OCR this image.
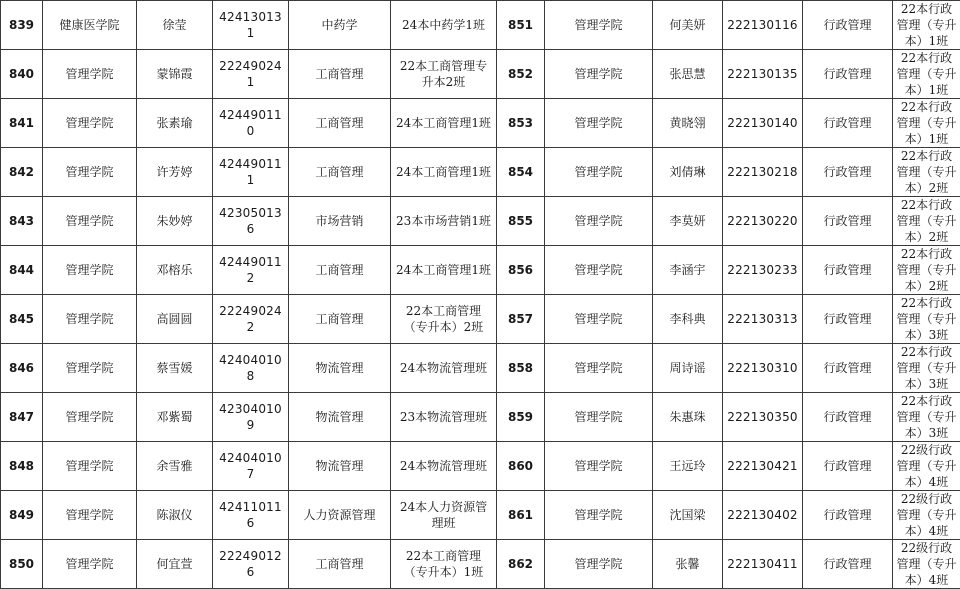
839	健康医学院	徐莹	424130131	中药学	24本中药学1班	851	管理学院	何美妍	222130116	行政管理	22本行政管理（专升本）1班
840	管理学院	蒙锦霞	222490241	工商管理	22本工商管理专升本2班	852	管理学院	张思慧	222130135	行政管理	22本行政管理（专升本）1班
841	管理学院	张素瑜	424490110	工商管理	24本工商管理1班	853	管理学院	黄晓翎	222130140	行政管理	22本行政管理（专升本）1班
842	管理学院	许芳婷	424490111	工商管理	24本工商管理1班	854	管理学院	刘倩琳	222130218	行政管理	22本行政管理（专升本）2班
843	管理学院	朱妙婷	423050136	市场营销	23本市场营销1班	855	管理学院	李莫妍	222130220	行政管理	22本行政管理（专升本）2班
844	管理学院	邓榕乐	424490112	工商管理	24本工商管理1班	856	管理学院	李涵宇	222130233	行政管理	22本行政管理（专升本）2班
845	管理学院	高圆圆	222490242	工商管理	22本工商管理（专升本）2班	857	管理学院	李科典	222130313	行政管理	22本行政管理（专升本）3班
846	管理学院	蔡雪媛	424040108	物流管理	24本物流管理班	858	管理学院	周诗谣	222130310	行政管理	22本行政管理（专升本）3班
847	管理学院	邓紫蜀	423040109	物流管理	23本物流管理班	859	管理学院	朱惠珠	222130350	行政管理	22本行政管理（专升本）3班
848	管理学院	余雪雅	424040107	物流管理	24本物流管理班	860	管理学院	王远玲	222130421	行政管理	22级行政管理（专升本）4班
849	管理学院	陈淑仪	424110116	人力资源管理	24本人力资源管理班	861	管理学院	沈国梁	222130402	行政管理	22级行政管理（专升本）4班
850	管理学院	何宜萱	222490126	工商管理	22本工商管理（专升本）1班	862	管理学院	张馨	222130411	行政管理	22级行政管理（专升本）4班
